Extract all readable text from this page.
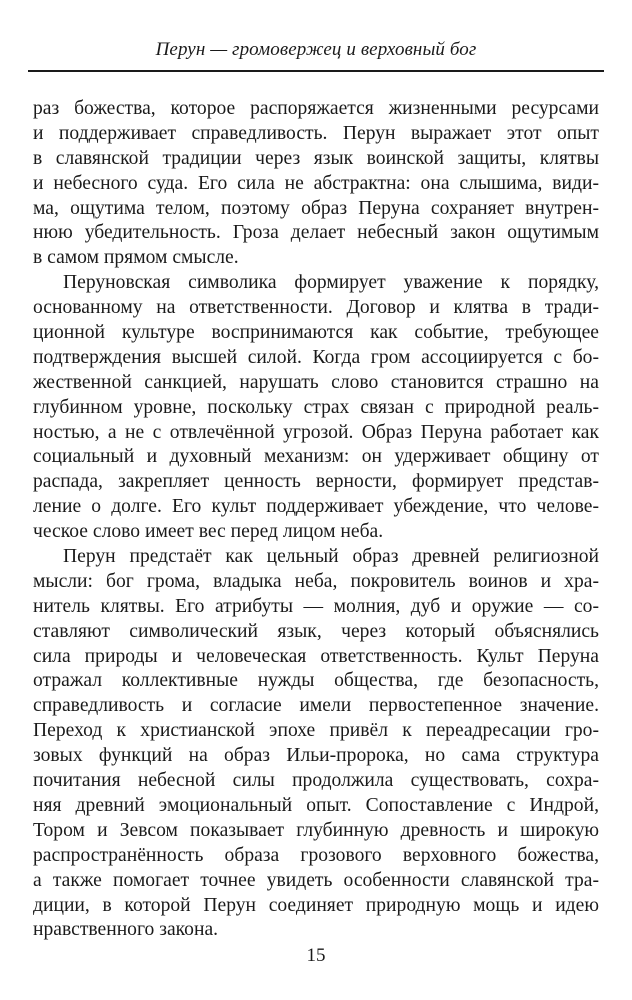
Перун — громовержец и верховный бог
раз божества, которое распоряжается жизненными ресурсами
и поддерживает справедливость. Перун выражает этот опыт
в славянской традиции через язык воинской защиты, клятвы
и небесного суда. Его сила не абстрактна: она слышима, види-
ма, ощутима телом, поэтому образ Перуна сохраняет внутрен-
нюю убедительность. Гроза делает небесный закон ощутимым
в самом прямом смысле.
Перуновская символика формирует уважение к порядку,
основанному на ответственности. Договор и клятва в тради-
ционной культуре воспринимаются как событие, требующее
подтверждения высшей силой. Когда гром ассоциируется с бо-
жественной санкцией, нарушать слово становится страшно на
глубинном уровне, поскольку страх связан с природной реаль-
ностью, а не с отвлечённой угрозой. Образ Перуна работает как
социальный и духовный механизм: он удерживает общину от
распада, закрепляет ценность верности, формирует представ-
ление о долге. Его культ поддерживает убеждение, что челове-
ческое слово имеет вес перед лицом неба.
Перун предстаёт как цельный образ древней религиозной
мысли: бог грома, владыка неба, покровитель воинов и хра-
нитель клятвы. Его атрибуты — молния, дуб и оружие — со-
ставляют символический язык, через который объяснялись
сила природы и человеческая ответственность. Культ Перуна
отражал коллективные нужды общества, где безопасность,
справедливость и согласие имели первостепенное значение.
Переход к христианской эпохе привёл к переадресации гро-
зовых функций на образ Ильи-пророка, но сама структура
почитания небесной силы продолжила существовать, сохра-
няя древний эмоциональный опыт. Сопоставление с Индрой,
Тором и Зевсом показывает глубинную древность и широкую
распространённость образа грозового верховного божества,
а также помогает точнее увидеть особенности славянской тра-
диции, в которой Перун соединяет природную мощь и идею
нравственного закона.
15
